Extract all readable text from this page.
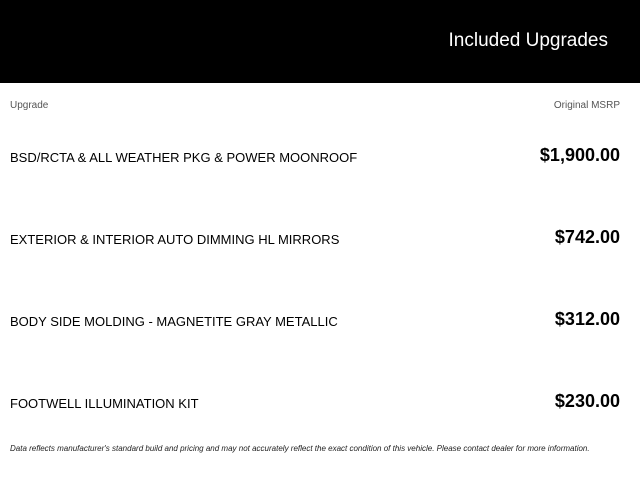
Included Upgrades
Upgrade	Original MSRP
BSD/RCTA & ALL WEATHER PKG & POWER MOONROOF	$1,900.00
EXTERIOR & INTERIOR AUTO DIMMING HL MIRRORS	$742.00
BODY SIDE MOLDING - MAGNETITE GRAY METALLIC	$312.00
FOOTWELL ILLUMINATION KIT	$230.00
Data reflects manufacturer's standard build and pricing and may not accurately reflect the exact condition of this vehicle. Please contact dealer for more information.
